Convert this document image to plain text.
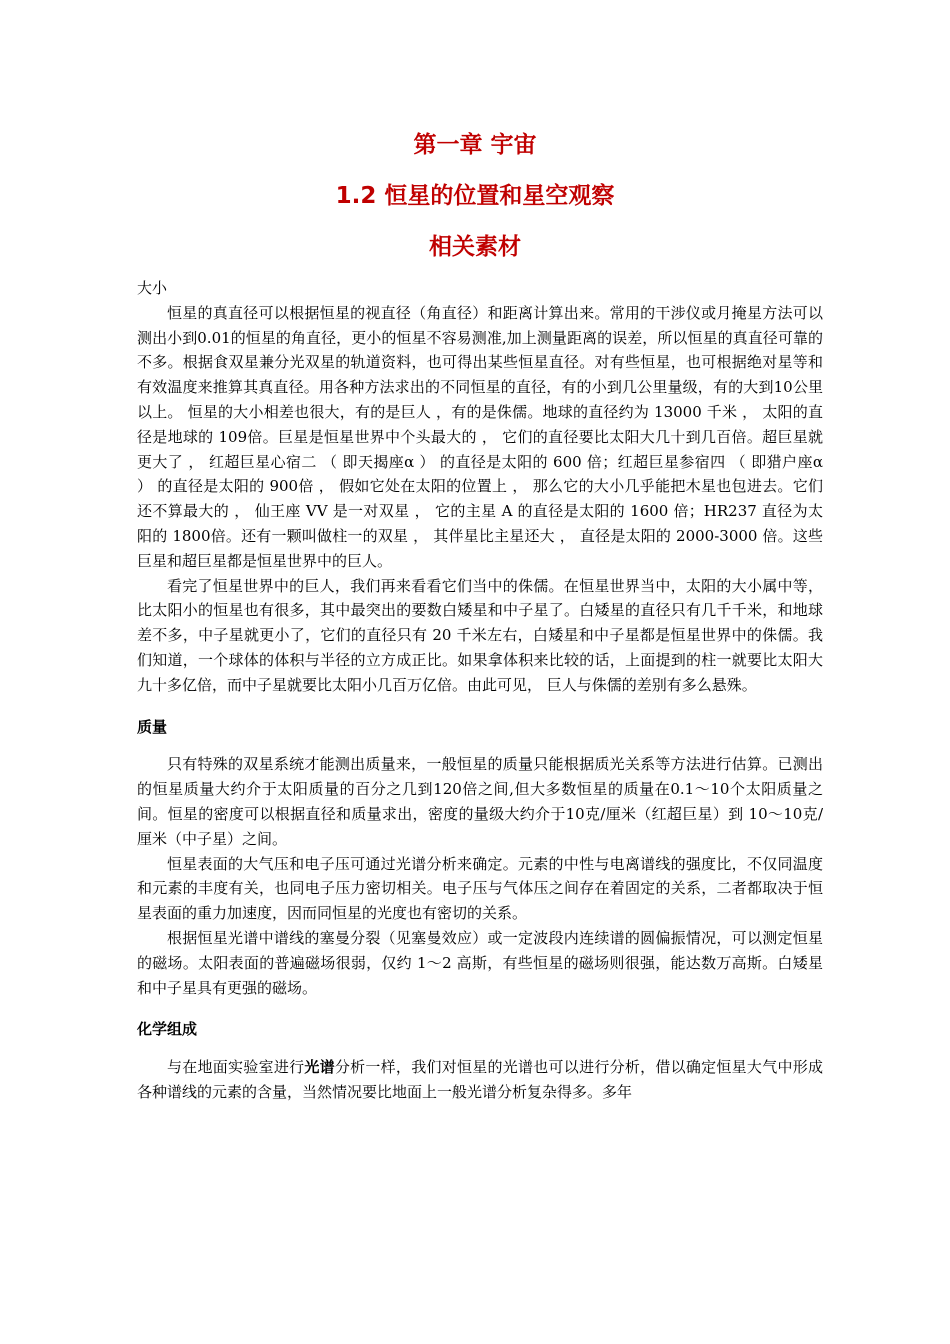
第一章 宇宙
1.2 恒星的位置和星空观察
相关素材

大小

恒星的真直径可以根据恒星的视直径（角直径）和距离计算出来。常用的干涉仪或月掩星方法可以测出小到0.01的恒星的角直径，更小的恒星不容易测准,加上测量距离的误差，所以恒星的真直径可靠的不多。根据食双星兼分光双星的轨道资料，也可得出某些恒星直径。对有些恒星，也可根据绝对星等和有效温度来推算其真直径。用各种方法求出的不同恒星的直径，有的小到几公里量级，有的大到10公里以上。 恒星的大小相差也很大，有的是巨人 ，有的是侏儒。地球的直径约为 13000 千米 ， 太阳的直径是地球的 109倍。巨星是恒星世界中个头最大的 ， 它们的直径要比太阳大几十到几百倍。超巨星就更大了 ， 红超巨星心宿二 （ 即天揭座α ） 的直径是太阳的 600 倍；红超巨星参宿四 （ 即猎户座α ） 的直径是太阳的 900倍 ， 假如它处在太阳的位置上 ， 那么它的大小几乎能把木星也包进去。它们还不算最大的 ， 仙王座 VV 是一对双星 ， 它的主星 A 的直径是太阳的 1600 倍；HR237 直径为太阳的 1800倍。还有一颗叫做柱一的双星 ， 其伴星比主星还大 ， 直径是太阳的 2000-3000 倍。这些巨星和超巨星都是恒星世界中的巨人。

看完了恒星世界中的巨人，我们再来看看它们当中的侏儒。在恒星世界当中，太阳的大小属中等，比太阳小的恒星也有很多，其中最突出的要数白矮星和中子星了。白矮星的直径只有几千千米，和地球差不多，中子星就更小了，它们的直径只有 20 千米左右，白矮星和中子星都是恒星世界中的侏儒。我们知道，一个球体的体积与半径的立方成正比。如果拿体积来比较的话，上面提到的柱一就要比太阳大九十多亿倍，而中子星就要比太阳小几百万亿倍。由此可见， 巨人与侏儒的差别有多么悬殊。

质量

只有特殊的双星系统才能测出质量来，一般恒星的质量只能根据质光关系等方法进行估算。已测出的恒星质量大约介于太阳质量的百分之几到120倍之间,但大多数恒星的质量在0.1～10个太阳质量之间。恒星的密度可以根据直径和质量求出，密度的量级大约介于10克/厘米（红超巨星）到 10～10克/厘米（中子星）之间。

恒星表面的大气压和电子压可通过光谱分析来确定。元素的中性与电离谱线的强度比，不仅同温度和元素的丰度有关，也同电子压力密切相关。电子压与气体压之间存在着固定的关系，二者都取决于恒星表面的重力加速度，因而同恒星的光度也有密切的关系。

根据恒星光谱中谱线的塞曼分裂（见塞曼效应）或一定波段内连续谱的圆偏振情况，可以测定恒星的磁场。太阳表面的普遍磁场很弱，仅约 1～2 高斯，有些恒星的磁场则很强，能达数万高斯。白矮星和中子星具有更强的磁场。

化学组成

与在地面实验室进行光谱分析一样，我们对恒星的光谱也可以进行分析，借以确定恒星大气中形成各种谱线的元素的含量，当然情况要比地面上一般光谱分析复杂得多。多年
